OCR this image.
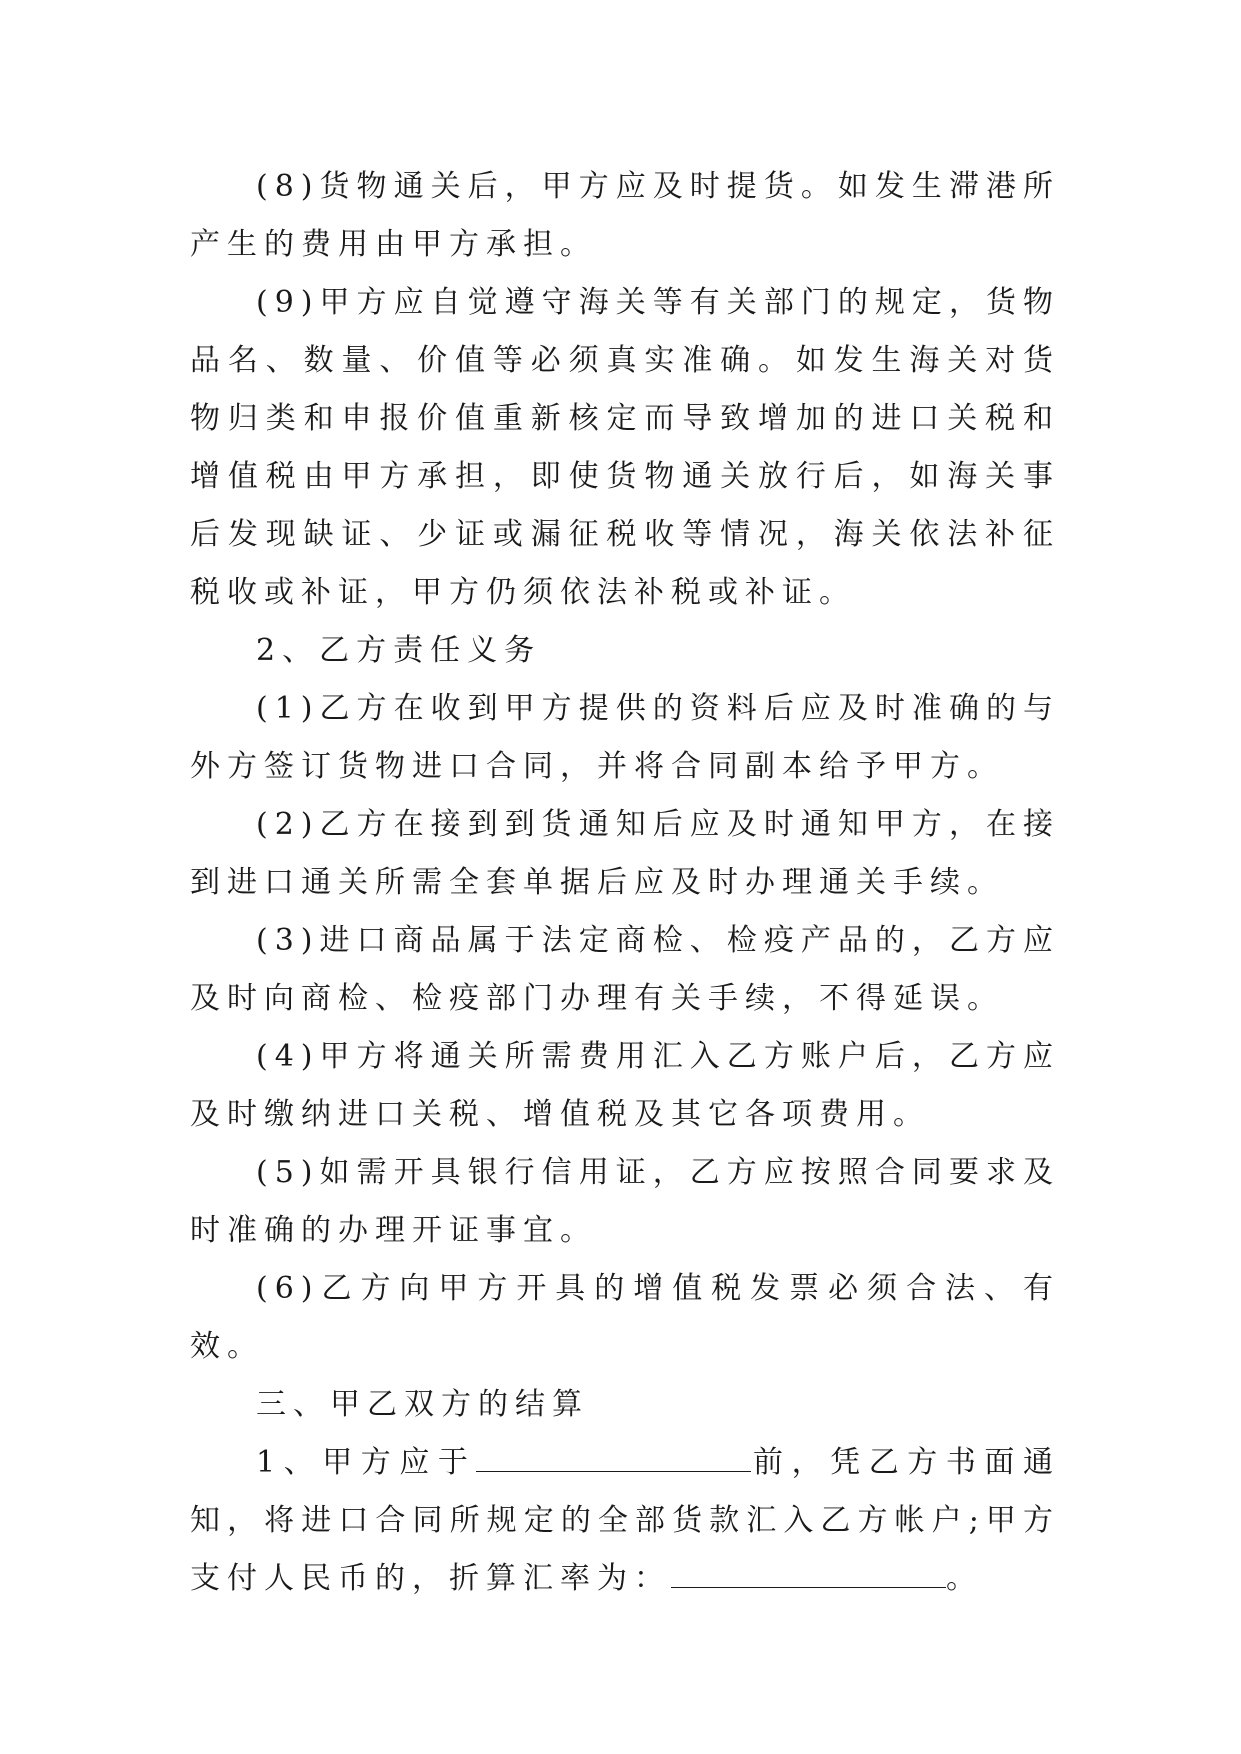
(8)货物通关后，甲方应及时提货。如发生滞港所产生的费用由甲方承担。

(9)甲方应自觉遵守海关等有关部门的规定，货物品名、数量、价值等必须真实准确。如发生海关对货物归类和申报价值重新核定而导致增加的进口关税和增值税由甲方承担，即使货物通关放行后，如海关事后发现缺证、少证或漏征税收等情况，海关依法补征税收或补证，甲方仍须依法补税或补证。

2、乙方责任义务

(1)乙方在收到甲方提供的资料后应及时准确的与外方签订货物进口合同，并将合同副本给予甲方。

(2)乙方在接到到货通知后应及时通知甲方，在接到进口通关所需全套单据后应及时办理通关手续。

(3)进口商品属于法定商检、检疫产品的，乙方应及时向商检、检疫部门办理有关手续，不得延误。

(4)甲方将通关所需费用汇入乙方账户后，乙方应及时缴纳进口关税、增值税及其它各项费用。

(5)如需开具银行信用证，乙方应按照合同要求及时准确的办理开证事宜。

(6)乙方向甲方开具的增值税发票必须合法、有效。

三、甲乙双方的结算

1、甲方应于	前，凭乙方书面通知，将进口合同所规定的全部货款汇入乙方帐户;甲方支付人民币的，折算汇率为：	。
